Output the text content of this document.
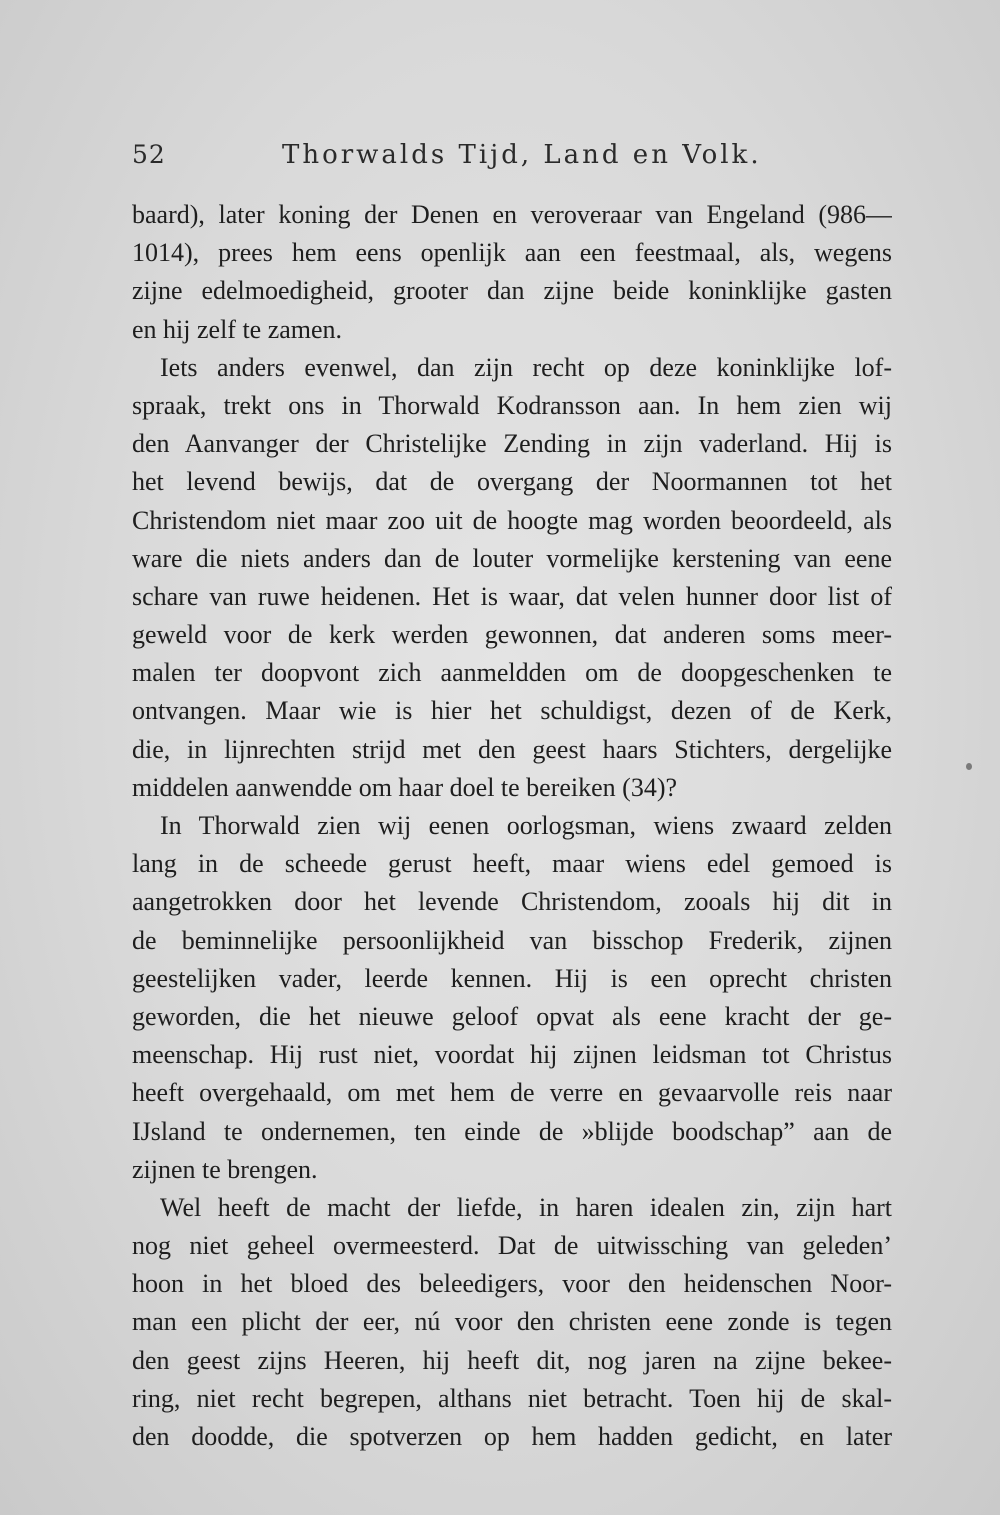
52	Thorwalds Tijd, Land en Volk.
baard), later koning der Denen en veroveraar van Engeland (986—
1014), prees hem eens openlijk aan een feestmaal, als, wegens
zijne edelmoedigheid, grooter dan zijne beide koninklijke gasten
en hij zelf te zamen.
Iets anders evenwel, dan zijn recht op deze koninklijke lof-
spraak, trekt ons in Thorwald Kodransson aan. In hem zien wij
den Aanvanger der Christelijke Zending in zijn vaderland. Hij is
het levend bewijs, dat de overgang der Noormannen tot het
Christendom niet maar zoo uit de hoogte mag worden beoordeeld, als
ware die niets anders dan de louter vormelijke kerstening van eene
schare van ruwe heidenen. Het is waar, dat velen hunner door list of
geweld voor de kerk werden gewonnen, dat anderen soms meer-
malen ter doopvont zich aanmeldden om de doopgeschenken te
ontvangen. Maar wie is hier het schuldigst, dezen of de Kerk,
die, in lijnrechten strijd met den geest haars Stichters, dergelijke
middelen aanwendde om haar doel te bereiken (34)?
In Thorwald zien wij eenen oorlogsman, wiens zwaard zelden
lang in de scheede gerust heeft, maar wiens edel gemoed is
aangetrokken door het levende Christendom, zooals hij dit in
de beminnelijke persoonlijkheid van bisschop Frederik, zijnen
geestelijken vader, leerde kennen. Hij is een oprecht christen
geworden, die het nieuwe geloof opvat als eene kracht der ge-
meenschap. Hij rust niet, voordat hij zijnen leidsman tot Christus
heeft overgehaald, om met hem de verre en gevaarvolle reis naar
IJsland te ondernemen, ten einde de »blijde boodschap” aan de
zijnen te brengen.
Wel heeft de macht der liefde, in haren idealen zin, zijn hart
nog niet geheel overmeesterd. Dat de uitwissching van geleden’
hoon in het bloed des beleedigers, voor den heidenschen Noor-
man een plicht der eer, nú voor den christen eene zonde is tegen
den geest zijns Heeren, hij heeft dit, nog jaren na zijne bekee-
ring, niet recht begrepen, althans niet betracht. Toen hij de skal-
den doodde, die spotverzen op hem hadden gedicht, en later
